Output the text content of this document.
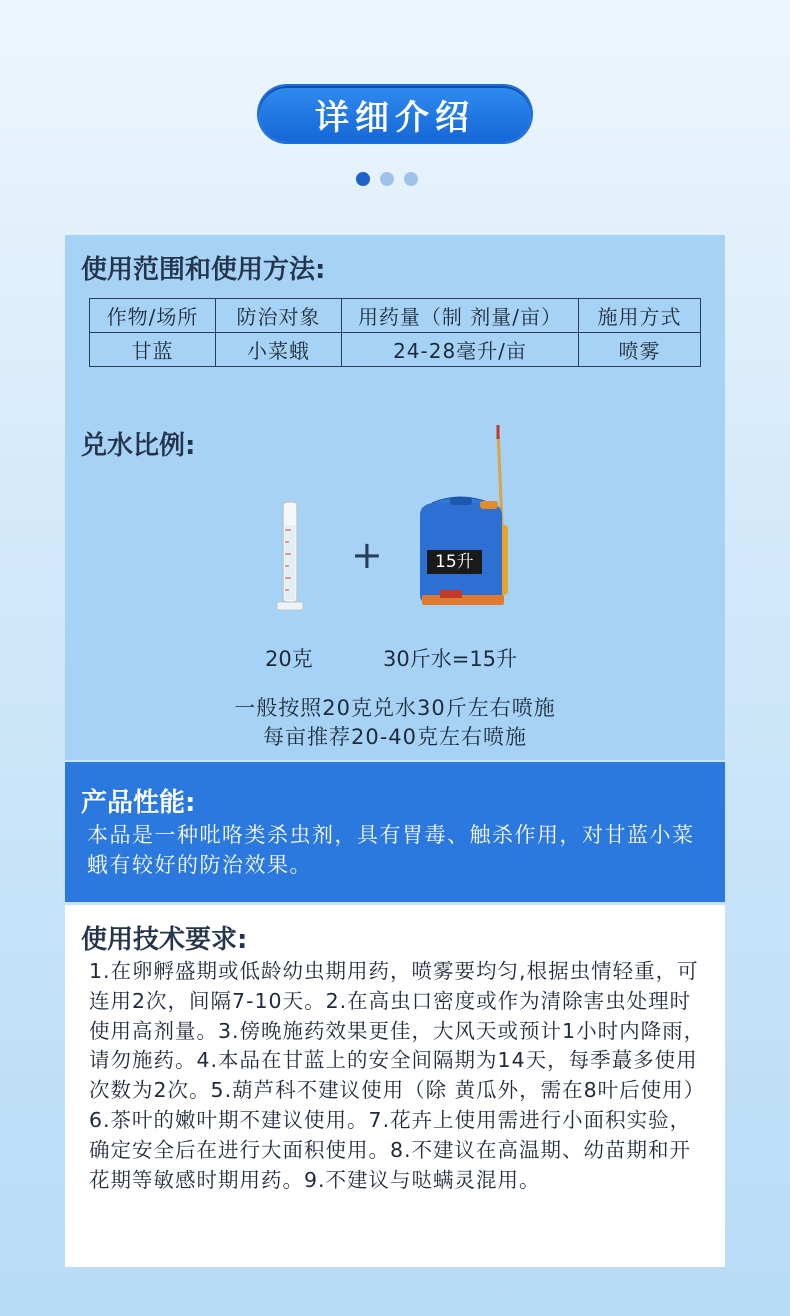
详细介绍
使用范围和使用方法:
作物/场所	防治对象	用药量（制 剂量/亩）	施用方式
甘蓝	小菜蛾	24-28毫升/亩	喷雾
兑水比例:
+	15升
20克	30斤水=15升
一般按照20克兑水30斤左右喷施
每亩推荐20-40克左右喷施
产品性能:
本品是一种吡咯类杀虫剂，具有胃毒、触杀作用，对甘蓝小菜蛾有较好的防治效果。
使用技术要求:
1.在卵孵盛期或低龄幼虫期用药，喷雾要均匀,根据虫情轻重，可连用2次，间隔7-10天。2.在高虫口密度或作为清除害虫处理时使用高剂量。3.傍晚施药效果更佳，大风天或预计1小时内降雨，请勿施药。4.本品在甘蓝上的安全间隔期为14天，每季蕞多使用次数为2次。5.葫芦科不建议使用（除 黄瓜外，需在8叶后使用）6.茶叶的嫩叶期不建议使用。7.花卉上使用需进行小面积实验，确定安全后在进行大面积使用。8.不建议在高温期、幼苗期和开花期等敏感时期用药。9.不建议与哒螨灵混用。
